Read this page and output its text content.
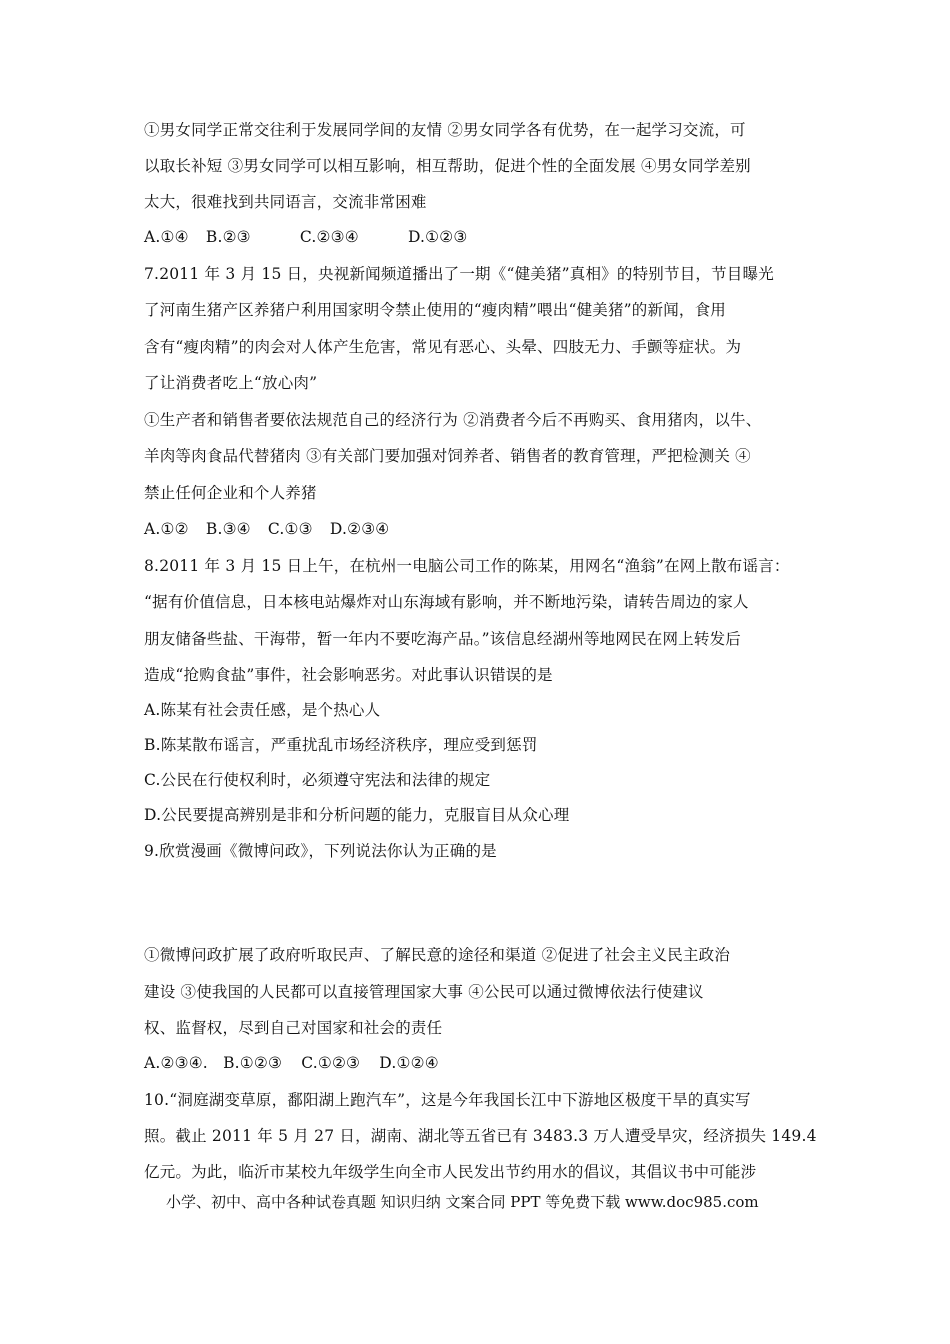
①男女同学正常交往利于发展同学间的友情 ②男女同学各有优势，在一起学习交流，可
以取长补短 ③男女同学可以相互影响，相互帮助，促进个性的全面发展 ④男女同学差别
太大，很难找到共同语言，交流非常困难
A.①④ B.②③	C.②③④	D.①②③
7.2011 年 3 月 15 日，央视新闻频道播出了一期《“健美猪”真相》的特别节目，节目曝光
了河南生猪产区养猪户利用国家明令禁止使用的“瘦肉精”喂出“健美猪”的新闻，食用
含有“瘦肉精”的肉会对人体产生危害，常见有恶心、头晕、四肢无力、手颤等症状。为
了让消费者吃上“放心肉”
①生产者和销售者要依法规范自己的经济行为 ②消费者今后不再购买、食用猪肉，以牛、
羊肉等肉食品代替猪肉 ③有关部门要加强对饲养者、销售者的教育管理，严把检测关 ④
禁止任何企业和个人养猪
A.①② B.③④ C.①③ D.②③④
8.2011 年 3 月 15 日上午，在杭州一电脑公司工作的陈某，用网名“渔翁”在网上散布谣言：
“据有价值信息，日本核电站爆炸对山东海域有影响，并不断地污染，请转告周边的家人
朋友储备些盐、干海带，暂一年内不要吃海产品。”该信息经湖州等地网民在网上转发后
造成“抢购食盐”事件，社会影响恶劣。对此事认识错误的是
A.陈某有社会责任感，是个热心人
B.陈某散布谣言，严重扰乱市场经济秩序，理应受到惩罚
C.公民在行使权利时，必须遵守宪法和法律的规定
D.公民要提高辨别是非和分析问题的能力，克服盲目从众心理
9.欣赏漫画《微博问政》，下列说法你认为正确的是
①微博问政扩展了政府听取民声、了解民意的途径和渠道 ②促进了社会主义民主政治
建设 ③使我国的人民都可以直接管理国家大事 ④公民可以通过微博依法行使建议
权、监督权，尽到自己对国家和社会的责任
A.②③④. B.①②③ C.①②③ D.①②④
10.“洞庭湖变草原，鄱阳湖上跑汽车”，这是今年我国长江中下游地区极度干旱的真实写
照。截止 2011 年 5 月 27 日，湖南、湖北等五省已有 3483.3 万人遭受旱灾，经济损失 149.4
亿元。为此，临沂市某校九年级学生向全市人民发出节约用水的倡议，其倡议书中可能涉
小学、初中、高中各种试卷真题 知识归纳 文案合同 PPT 等免费下载 www.doc985.com
